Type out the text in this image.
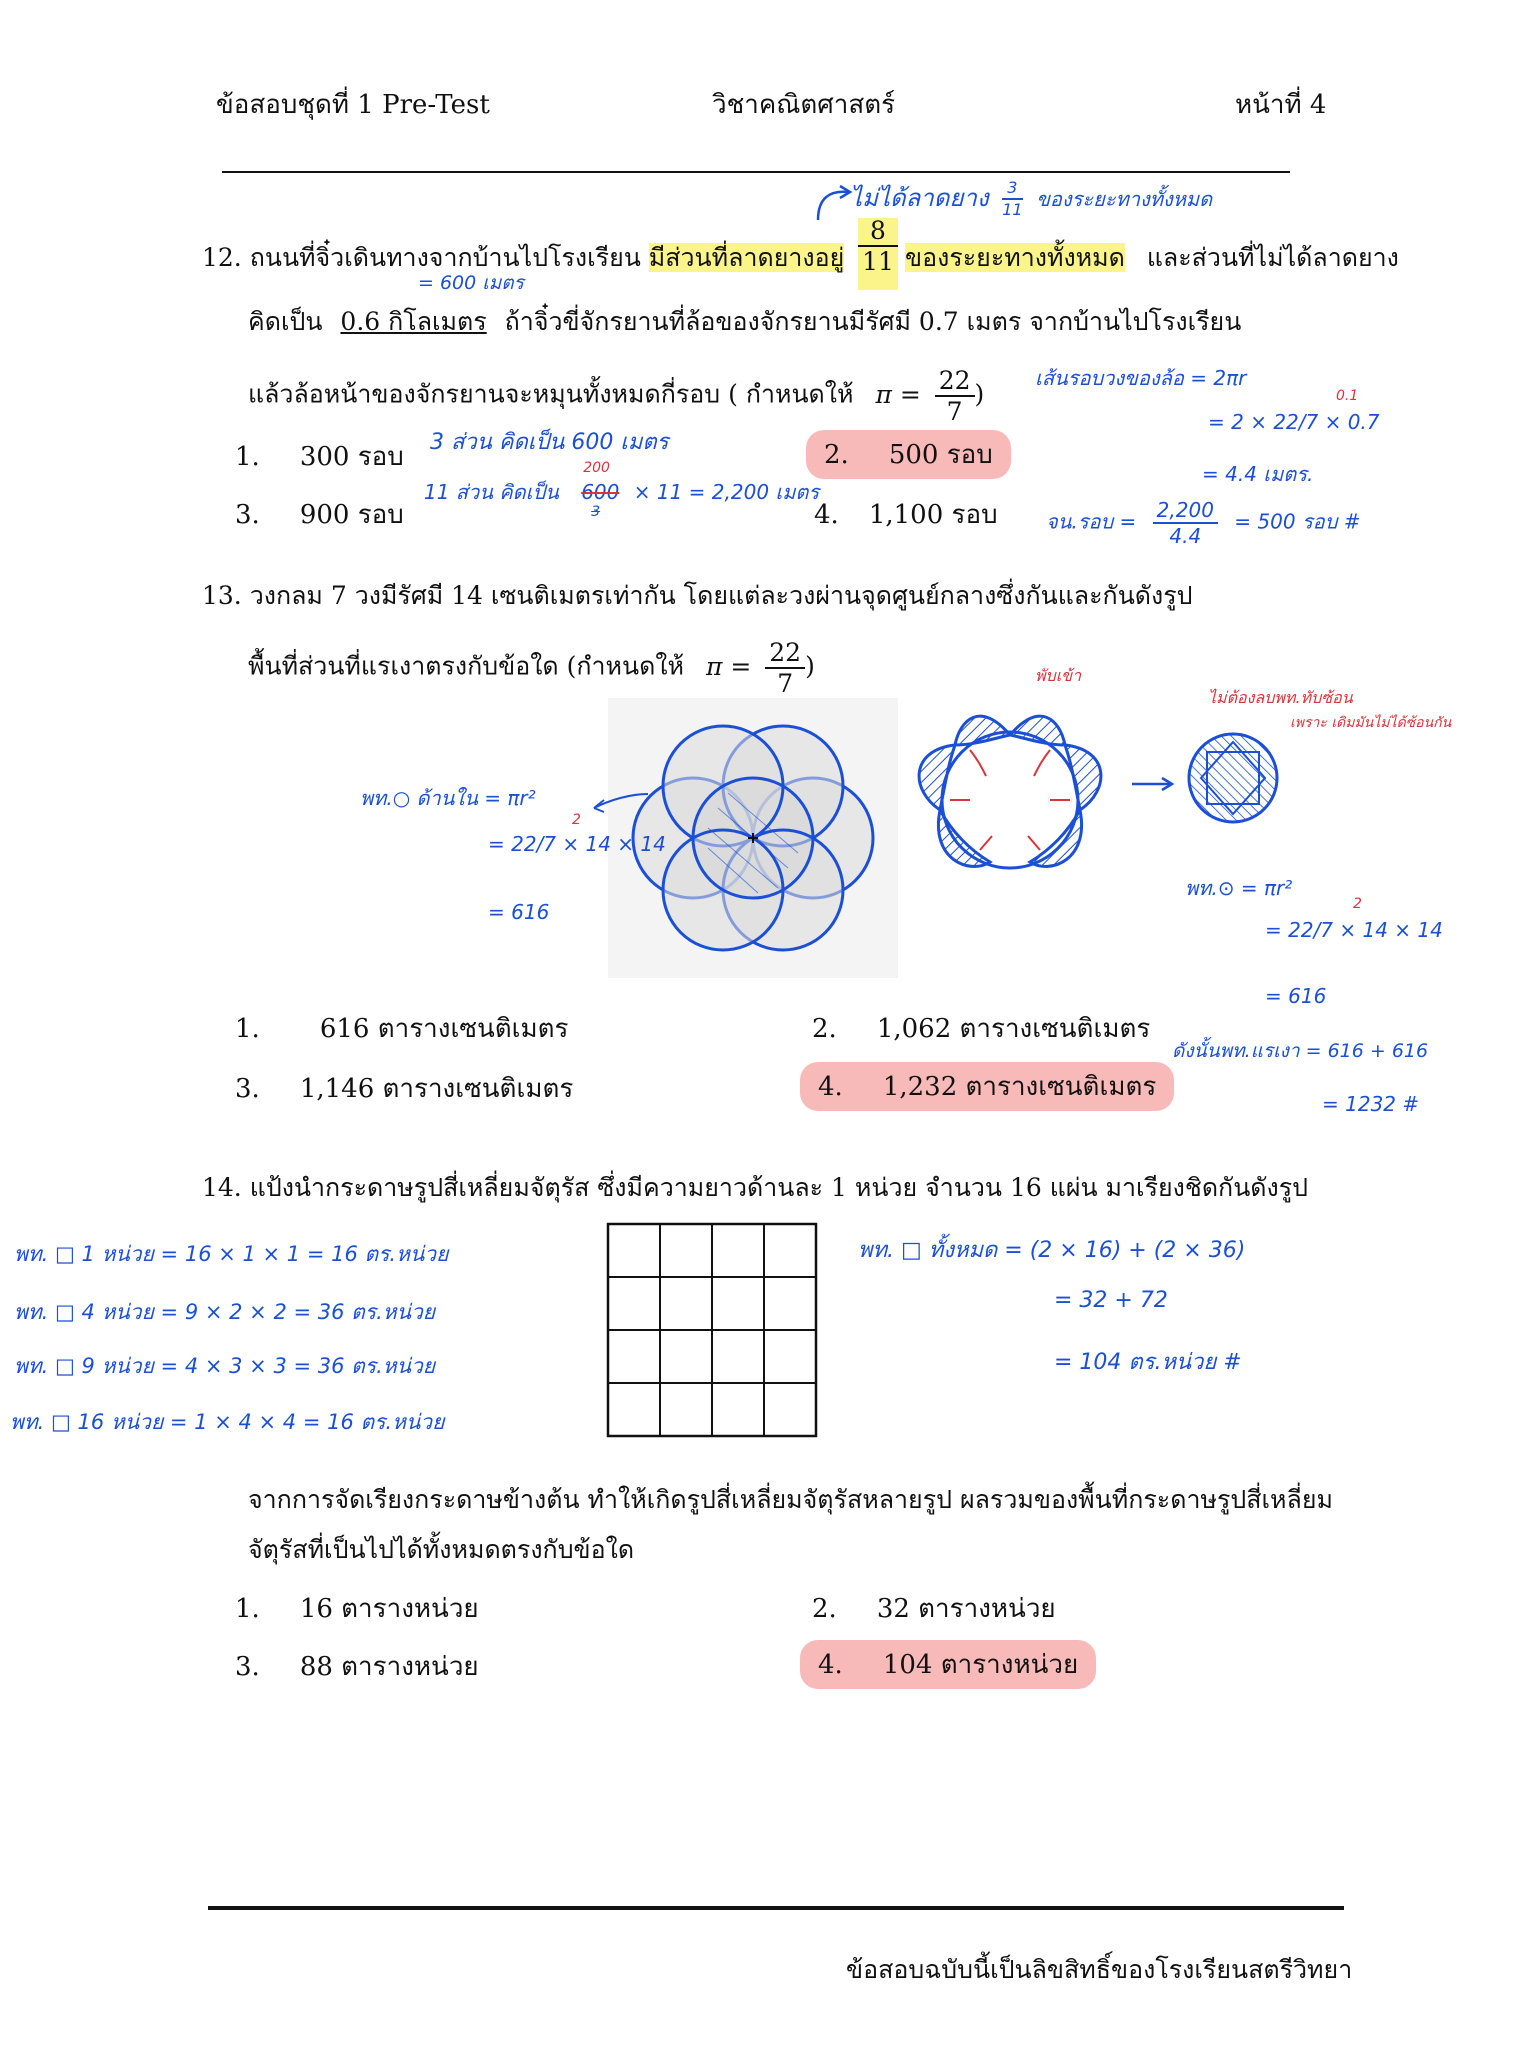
ข้อสอบชุดที่ 1 Pre-Test	วิชาคณิตศาสตร์	หน้าที่ 4
ไม่ได้ลาดยาง $\frac{3}{11}$ ของระยะทางทั้งหมด
12. ถนนที่จิ๋วเดินทางจากบ้านไปโรงเรียน มีส่วนที่ลาดยางอยู่ $\frac{8}{11}$ ของระยะทางทั้งหมด และส่วนที่ไม่ได้ลาดยาง
= 600 เมตร
คิดเป็น 0.6 กิโลเมตร ถ้าจิ๋วขี่จักรยานที่ล้อของจักรยานมีรัศมี 0.7 เมตร จากบ้านไปโรงเรียน
แล้วล้อหน้าของจักรยานจะหมุนทั้งหมดกี่รอบ ( กำหนดให้ $\pi = \frac{22}{7}$ )
1. 300 รอบ	2. 500 รอบ
3. 900 รอบ	4. 1,100 รอบ
3 ส่วน คิดเป็น 600 เมตร
11 ส่วน คิดเป็น
200
600
3
× 11 = 2,200 เมตร
เส้นรอบวงของล้อ = 2πr
0.1
= 2 × 22/7 × 0.7
= 4.4 เมตร.
จน.รอบ = $\frac{2,200}{4.4} = 500$ รอบ #
13. วงกลม 7 วงมีรัศมี 14 เซนติเมตรเท่ากัน โดยแต่ละวงผ่านจุดศูนย์กลางซึ่งกันและกันดังรูป
พื้นที่ส่วนที่แรเงาตรงกับข้อใด (กำหนดให้ $\pi = \frac{22}{7}$ )
พท.○ ด้านใน = πr²
2
= 22/7 × 14 × 14
= 616
พับเข้า
ไม่ต้องลบพท.ทับซ้อน
เพราะ เดิมมันไม่ได้ซ้อนกัน
พท.⊙ = πr²
2
= 22/7 × 14 × 14
= 616
ดังนั้นพท.แรเงา = 616 + 616
= 1232 #
1. 616 ตารางเซนติเมตร	2. 1,062 ตารางเซนติเมตร
3. 1,146 ตารางเซนติเมตร	4. 1,232 ตารางเซนติเมตร
14. แป้งนำกระดาษรูปสี่เหลี่ยมจัตุรัส ซึ่งมีความยาวด้านละ 1 หน่วย จำนวน 16 แผ่น มาเรียงชิดกันดังรูป
พท. □ 1 หน่วย = 16 × 1 × 1 = 16 ตร.หน่วย
พท. □ 4 หน่วย = 9 × 2 × 2 = 36 ตร.หน่วย
พท. □ 9 หน่วย = 4 × 3 × 3 = 36 ตร.หน่วย
พท. □ 16 หน่วย = 1 × 4 × 4 = 16 ตร.หน่วย
พท. □ ทั้งหมด = (2 × 16) + (2 × 36)
= 32 + 72
= 104 ตร.หน่วย #
จากการจัดเรียงกระดาษข้างต้น ทำให้เกิดรูปสี่เหลี่ยมจัตุรัสหลายรูป ผลรวมของพื้นที่กระดาษรูปสี่เหลี่ยม
จัตุรัสที่เป็นไปได้ทั้งหมดตรงกับข้อใด
1. 16 ตารางหน่วย	2. 32 ตารางหน่วย
3. 88 ตารางหน่วย	4. 104 ตารางหน่วย
ข้อสอบฉบับนี้เป็นลิขสิทธิ์ของโรงเรียนสตรีวิทยา
